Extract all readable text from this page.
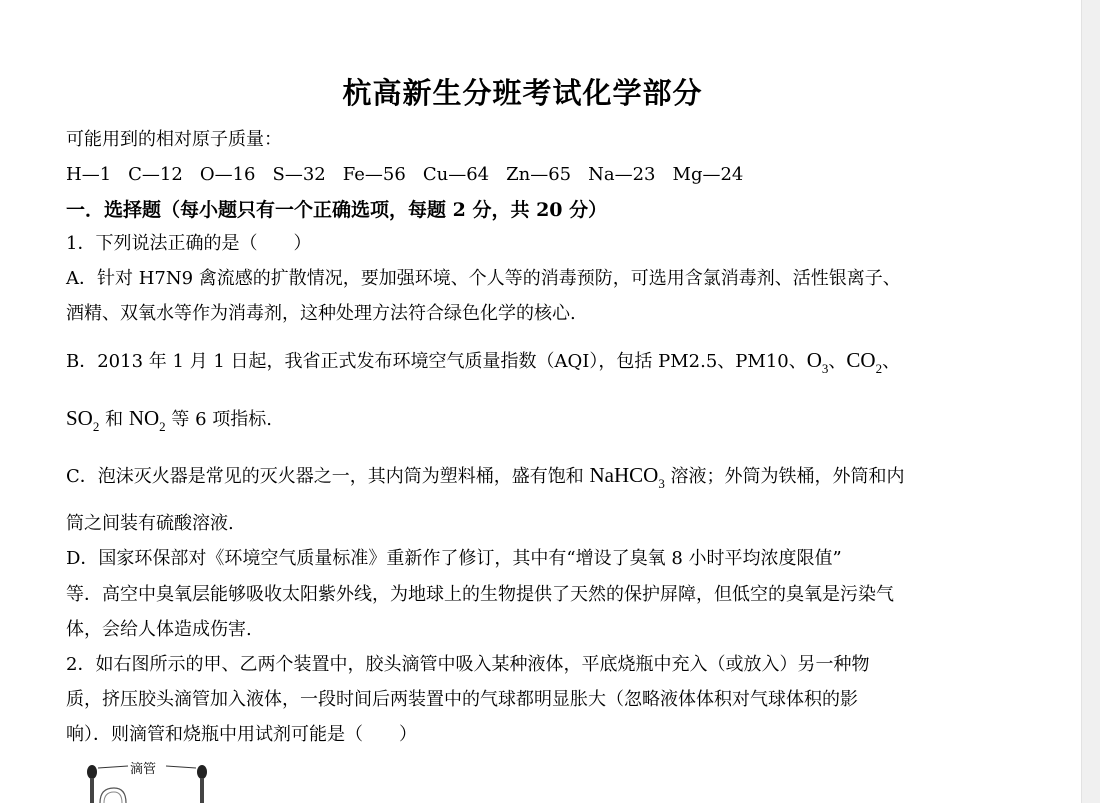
杭高新生分班考试化学部分
可能用到的相对原子质量：
H—1 C—12 O—16 S—32 Fe—56 Cu—64 Zn—65 Na—23 Mg—24
一．选择题（每小题只有一个正确选项，每题 2 分，共 20 分）
1．下列说法正确的是（　　）
A．针对 H7N9 禽流感的扩散情况，要加强环境、个人等的消毒预防，可选用含氯消毒剂、活性银离子、
酒精、双氧水等作为消毒剂，这种处理方法符合绿色化学的核心.
B．2013 年 1 月 1 日起，我省正式发布环境空气质量指数（AQI），包括 PM2.5、PM10、$O_3$、$CO_2$、
$SO_2$ 和 $NO_2$ 等 6 项指标.
C．泡沫灭火器是常见的灭火器之一，其内筒为塑料桶，盛有饱和 NaHCO$_3$ 溶液；外筒为铁桶，外筒和内
筒之间装有硫酸溶液.
D．国家环保部对《环境空气质量标准》重新作了修订，其中有“增设了臭氧 8 小时平均浓度限值”
等．高空中臭氧层能够吸收太阳紫外线，为地球上的生物提供了天然的保护屏障，但低空的臭氧是污染气
体，会给人体造成伤害.
2．如右图所示的甲、乙两个装置中，胶头滴管中吸入某种液体，平底烧瓶中充入（或放入）另一种物
质，挤压胶头滴管加入液体，一段时间后两装置中的气球都明显胀大（忽略液体体积对气球体积的影
响）．则滴管和烧瓶中用试剂可能是（　　）
滴管
